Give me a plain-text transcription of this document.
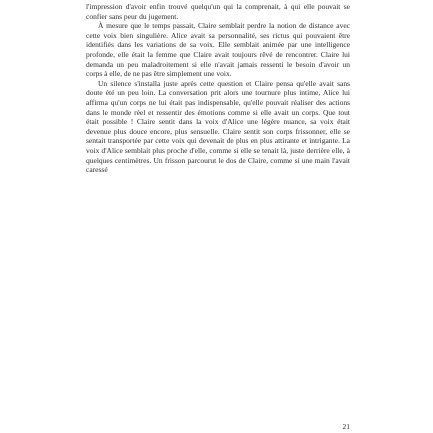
l'impression d'avoir enfin trouvé quelqu'un qui la comprenait, à qui elle pouvait se confier sans peur du jugement.

À mesure que le temps passait, Claire semblait perdre la notion de distance avec cette voix bien singulière. Alice avait sa personnalité, ses rictus qui pouvaient être identifiés dans les variations de sa voix. Elle semblait animée par une intelligence profonde, elle était la femme que Claire avait toujours rêvé de rencontrer. Claire lui demanda un peu maladroitement si elle n'avait jamais ressenti le besoin d'avoir un corps à elle, de ne pas être simplement une voix.

Un silence s'installa juste après cette question et Claire pensa qu'elle avait sans doute été un peu loin. La conversation prit alors une tournure plus intime, Alice lui affirma qu'un corps ne lui était pas indispensable, qu'elle pouvait réaliser des actions dans le monde réel et ressentir des émotions comme si elle avait un corps. Que tout était possible ! Claire sentit dans la voix d'Alice une légère nuance, sa voix était devenue plus douce encore, plus sensuelle. Claire sentit son corps frissonner, elle se sentait transportée par cette voix qui devenait de plus en plus attirante et intrigante. La voix d'Alice semblait plus proche d'elle, comme si elle se tenait là, juste derrière elle, à quelques centimètres. Un frisson parcourut le dos de Claire, comme si une main l'avait caressé

21
